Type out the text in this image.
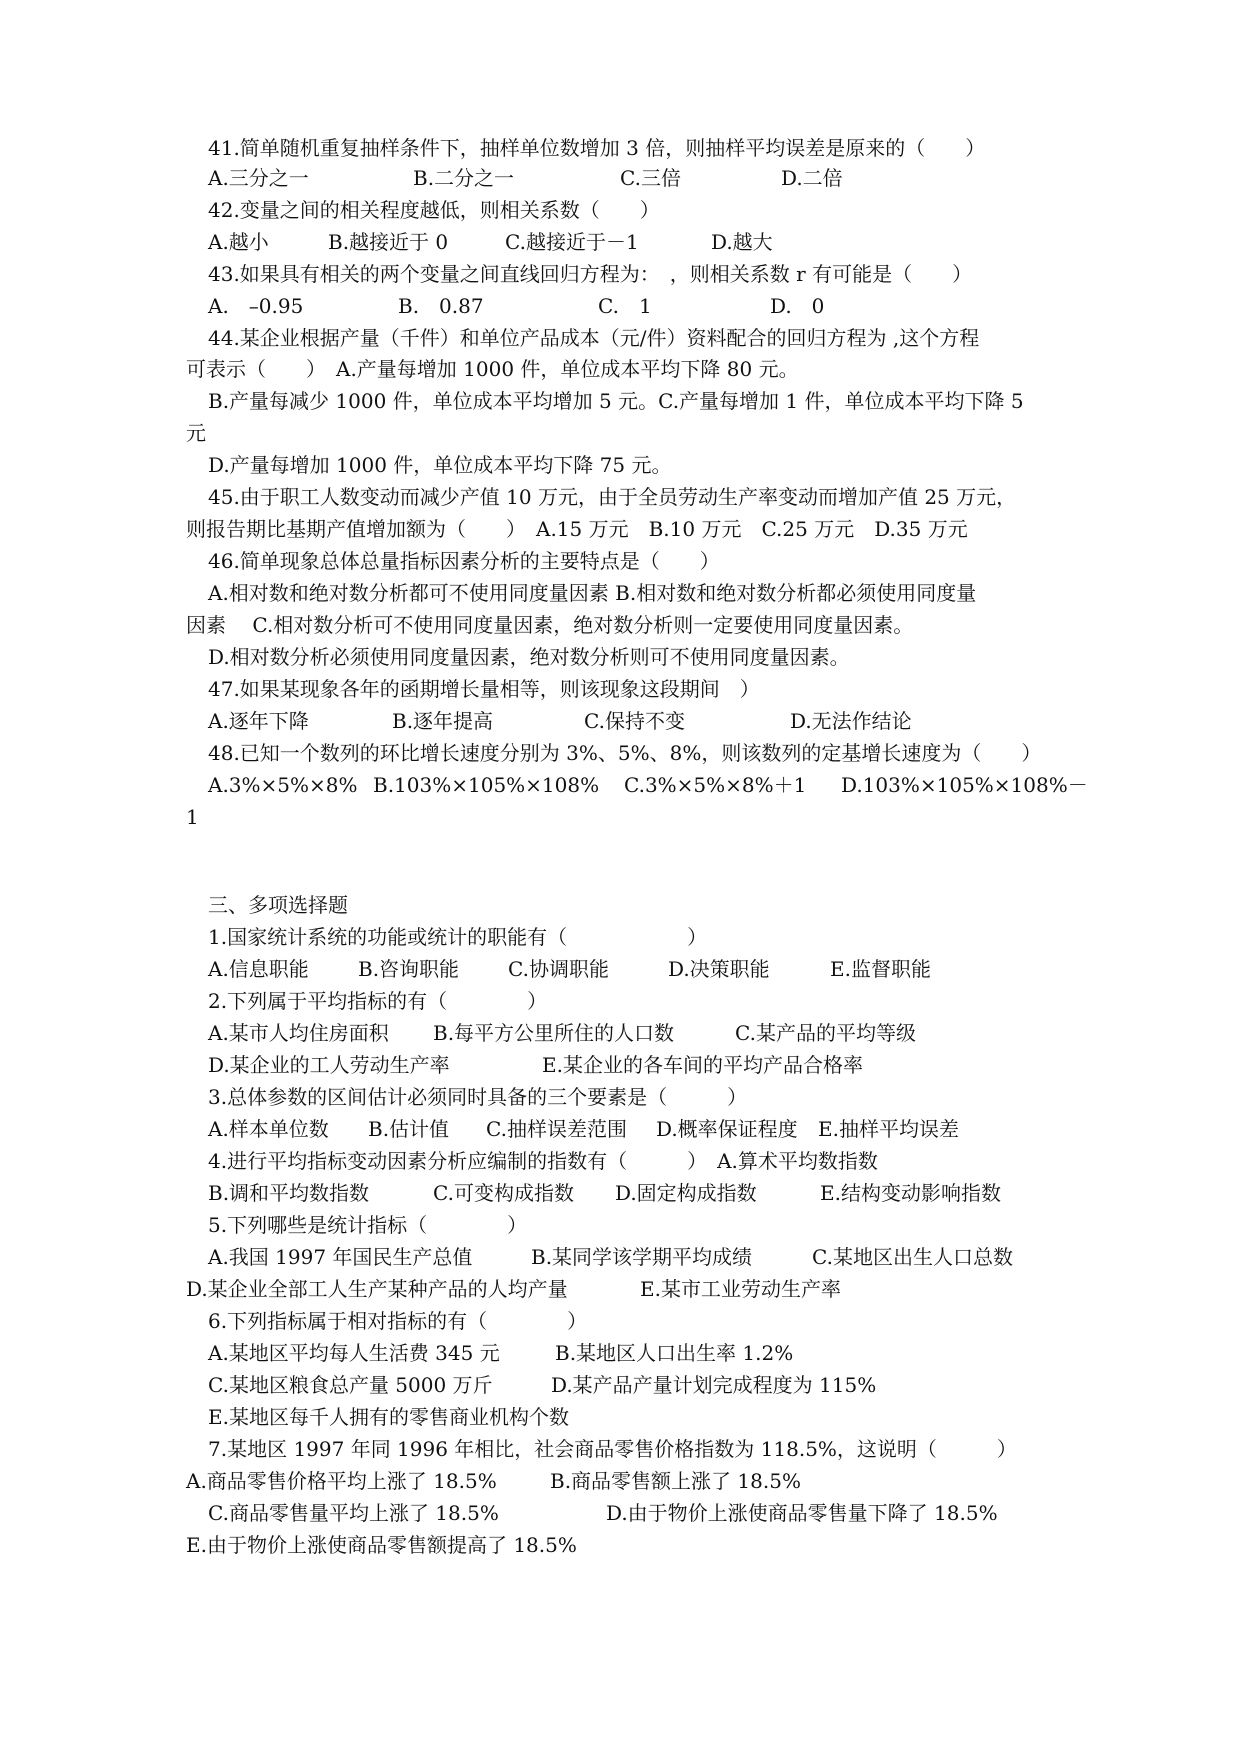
41.简单随机重复抽样条件下，抽样单位数增加 3 倍，则抽样平均误差是原来的（　　）

A.三分之一

	B.二分之一

	C.三倍

	D.二倍

42.变量之间的相关程度越低，则相关系数（　　）

A.越小

	B.越接近于 0

	C.越接近于－1

	D.越大

43.如果具有相关的两个变量之间直线回归方程为：　，则相关系数 r 有可能是（　　）

A.　–0.95

	B.　0.87

	C.　1

	D.　0

44.某企业根据产量（千件）和单位产品成本（元/件）资料配合的回归方程为 ,这个方程

可表示（　　）　A.产量每增加 1000 件，单位成本平均下降 80 元。

B.产量每减少 1000 件，单位成本平均增加 5 元。C.产量每增加 1 件，单位成本平均下降 5

元

D.产量每增加 1000 件，单位成本平均下降 75 元。

45.由于职工人数变动而减少产值 10 万元，由于全员劳动生产率变动而增加产值 25 万元，

则报告期比基期产值增加额为（　　）　A.15 万元　B.10 万元　C.25 万元　D.35 万元

46.简单现象总体总量指标因素分析的主要特点是（　　）

A.相对数和绝对数分析都可不使用同度量因素 B.相对数和绝对数分析都必须使用同度量

因素　 C.相对数分析可不使用同度量因素，绝对数分析则一定要使用同度量因素。

D.相对数分析必须使用同度量因素，绝对数分析则可不使用同度量因素。

47.如果某现象各年的函期增长量相等，则该现象这段期间　）

A.逐年下降

	B.逐年提高

	C.保持不变

	D.无法作结论

48.已知一个数列的环比增长速度分别为 3%、5%、8%，则该数列的定基增长速度为（　　）

A.3%×5%×8%

B.103%×105%×108%

C.3%×5%×8%＋1

D.103%×105%×108%－

1

三、多项选择题

1.国家统计系统的功能或统计的职能有（　　　　　　）

A.信息职能

B.咨询职能

C.协调职能

	D.决策职能

	E.监督职能

2.下列属于平均指标的有（　　　　）

A.某市人均住房面积

B.每平方公里所住的人口数

	C.某产品的平均等级

D.某企业的工人劳动生产率

	E.某企业的各车间的平均产品合格率

3.总体参数的区间估计必须同时具备的三个要素是（　　　）

A.样本单位数

B.估计值

C.抽样误差范围

D.概率保证程度

E.抽样平均误差

4.进行平均指标变动因素分析应编制的指数有（　　　）　A.算术平均数指数

B.调和平均数指数

	C.可变构成指数

D.固定构成指数

	E.结构变动影响指数

5.下列哪些是统计指标（　　　　）

A.我国 1997 年国民生产总值

	B.某同学该学期平均成绩

	C.某地区出生人口总数

D.某企业全部工人生产某种产品的人均产量

	E.某市工业劳动生产率

6.下列指标属于相对指标的有（　　　　）

A.某地区平均每人生活费 345 元

	B.某地区人口出生率 1.2%

C.某地区粮食总产量 5000 万斤

	D.某产品产量计划完成程度为 115%

E.某地区每千人拥有的零售商业机构个数

7.某地区 1997 年同 1996 年相比，社会商品零售价格指数为 118.5%，这说明（　　　）

A.商品零售价格平均上涨了 18.5%

	B.商品零售额上涨了 18.5%

C.商品零售量平均上涨了 18.5%

	D.由于物价上涨使商品零售量下降了 18.5%

E.由于物价上涨使商品零售额提高了 18.5%
